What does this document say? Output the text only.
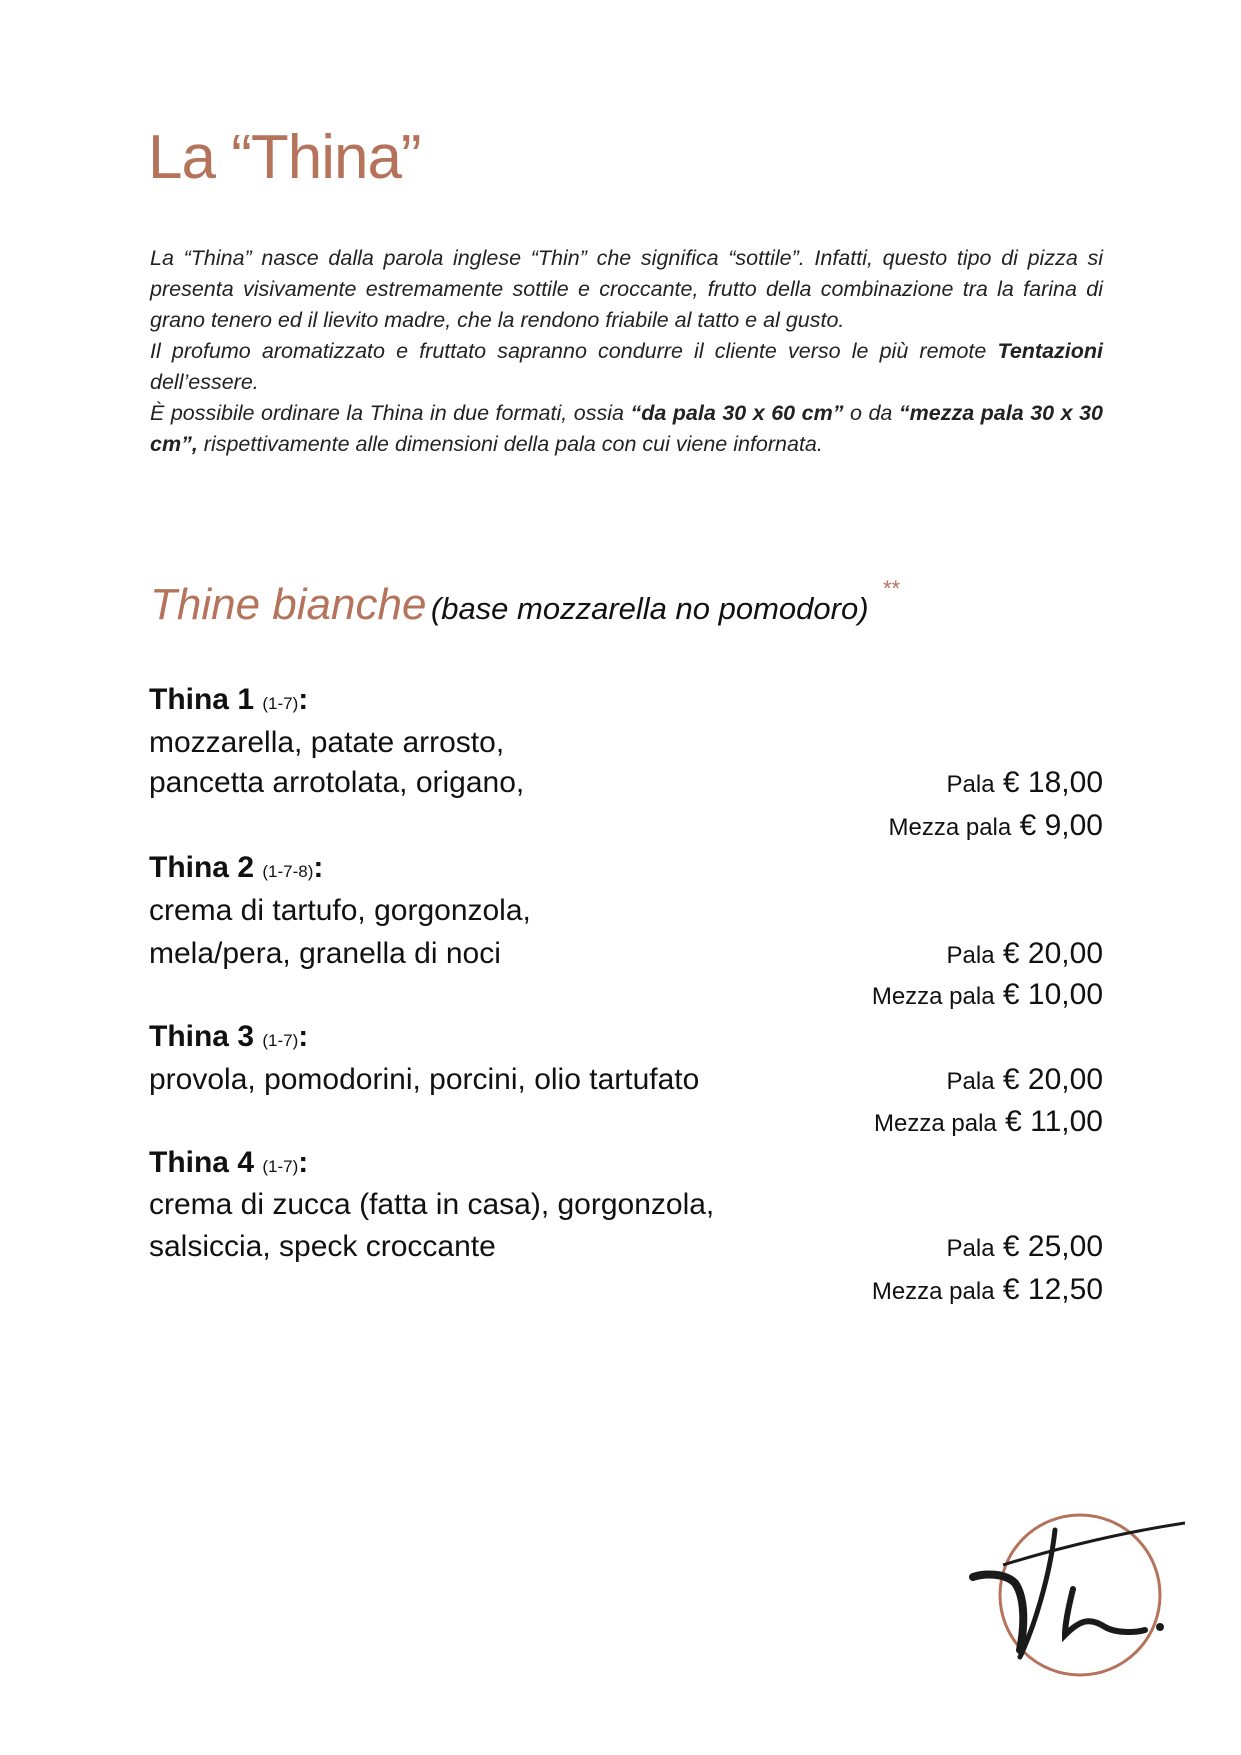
La “Thina”

La “Thina” nasce dalla parola inglese “Thin” che significa “sottile”. Infatti, questo tipo di pizza si presenta visivamente estremamente sottile e croccante, frutto della combinazione tra la farina di grano tenero ed il lievito madre, che la rendono friabile al tatto e al gusto.

Il profumo aromatizzato e fruttato sapranno condurre il cliente verso le più remote Tentazioni dell’essere.

È possibile ordinare la Thina in due formati, ossia “da pala 30 x 60 cm” o da “mezza pala 30 x 30 cm”, rispettivamente alle dimensioni della pala con cui viene infornata.

Thine bianche (base mozzarella no pomodoro) **
Thina 1 (1-7):
mozzarella, patate arrosto,
pancetta arrotolata, origano,	Pala € 18,00
Mezza pala € 9,00
Thina 2 (1-7-8):
crema di tartufo, gorgonzola,
mela/pera, granella di noci	Pala € 20,00
Mezza pala € 10,00
Thina 3 (1-7):
provola, pomodorini, porcini, olio tartufato	Pala € 20,00
Mezza pala € 11,00
Thina 4 (1-7):
crema di zucca (fatta in casa), gorgonzola,
salsiccia, speck croccante	Pala € 25,00
Mezza pala € 12,50
